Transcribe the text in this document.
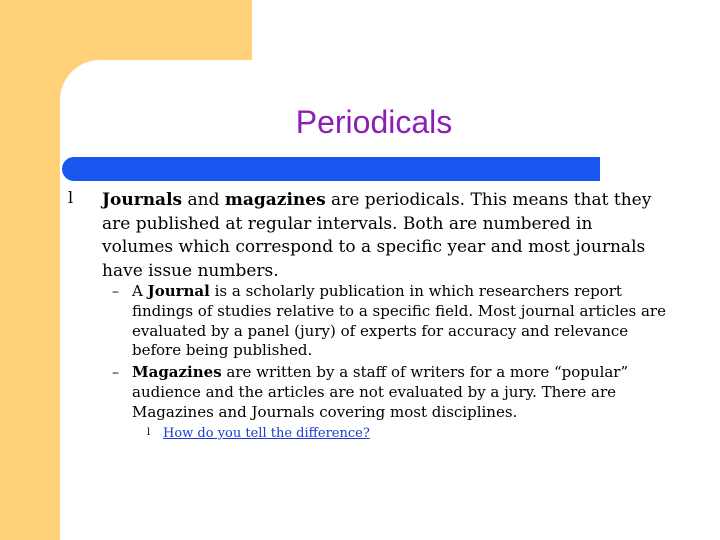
Periodicals
l Journals and magazines are periodicals. This means that they are published at regular intervals. Both are numbered in volumes which correspond to a specific year and most journals have issue numbers.
– A Journal is a scholarly publication in which researchers report findings of studies relative to a specific field. Most journal articles are evaluated by a panel (jury) of experts for accuracy and relevance before being published.
– Magazines are written by a staff of writers for a more “popular” audience and the articles are not evaluated by a jury. There are Magazines and Journals covering most disciplines.
l How do you tell the difference?
